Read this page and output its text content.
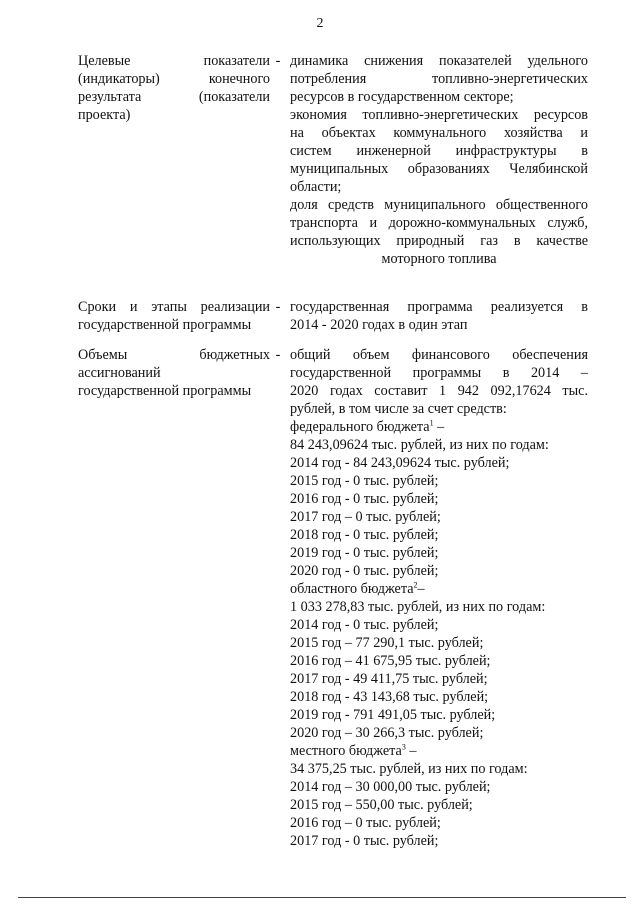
2
Целевые показатели
(индикаторы) конечного
результата (показатели
проекта)
- динамика снижения показателей удельного
потребления топливно-энергетических
ресурсов в государственном секторе;
экономия топливно-энергетических ресурсов
на объектах коммунального хозяйства и
систем инженерной инфраструктуры в
муниципальных образованиях Челябинской
области;
доля средств муниципального общественного
транспорта и дорожно-коммунальных служб,
использующих природный газ в качестве
моторного топлива
Сроки и этапы реализации
государственной программы
- государственная программа реализуется в
2014 - 2020 годах в один этап
Объемы бюджетных
ассигнований
государственной программы
- общий объем финансового обеспечения
государственной программы в 2014 –
2020 годах составит 1 942 092,17624 тыс.
рублей, в том числе за счет средств:
федерального бюджета$^1$ –
84 243,09624 тыс. рублей, из них по годам:
2014 год - 84 243,09624 тыс. рублей;
2015 год - 0 тыс. рублей;
2016 год - 0 тыс. рублей;
2017 год – 0 тыс. рублей;
2018 год - 0 тыс. рублей;
2019 год - 0 тыс. рублей;
2020 год - 0 тыс. рублей;
областного бюджета$^2$–
1 033 278,83 тыс. рублей, из них по годам:
2014 год - 0 тыс. рублей;
2015 год – 77 290,1 тыс. рублей;
2016 год – 41 675,95 тыс. рублей;
2017 год - 49 411,75 тыс. рублей;
2018 год - 43 143,68 тыс. рублей;
2019 год - 791 491,05 тыс. рублей;
2020 год – 30 266,3 тыс. рублей;
местного бюджета$^3$ –
34 375,25 тыс. рублей, из них по годам:
2014 год – 30 000,00 тыс. рублей;
2015 год – 550,00 тыс. рублей;
2016 год – 0 тыс. рублей;
2017 год - 0 тыс. рублей;
